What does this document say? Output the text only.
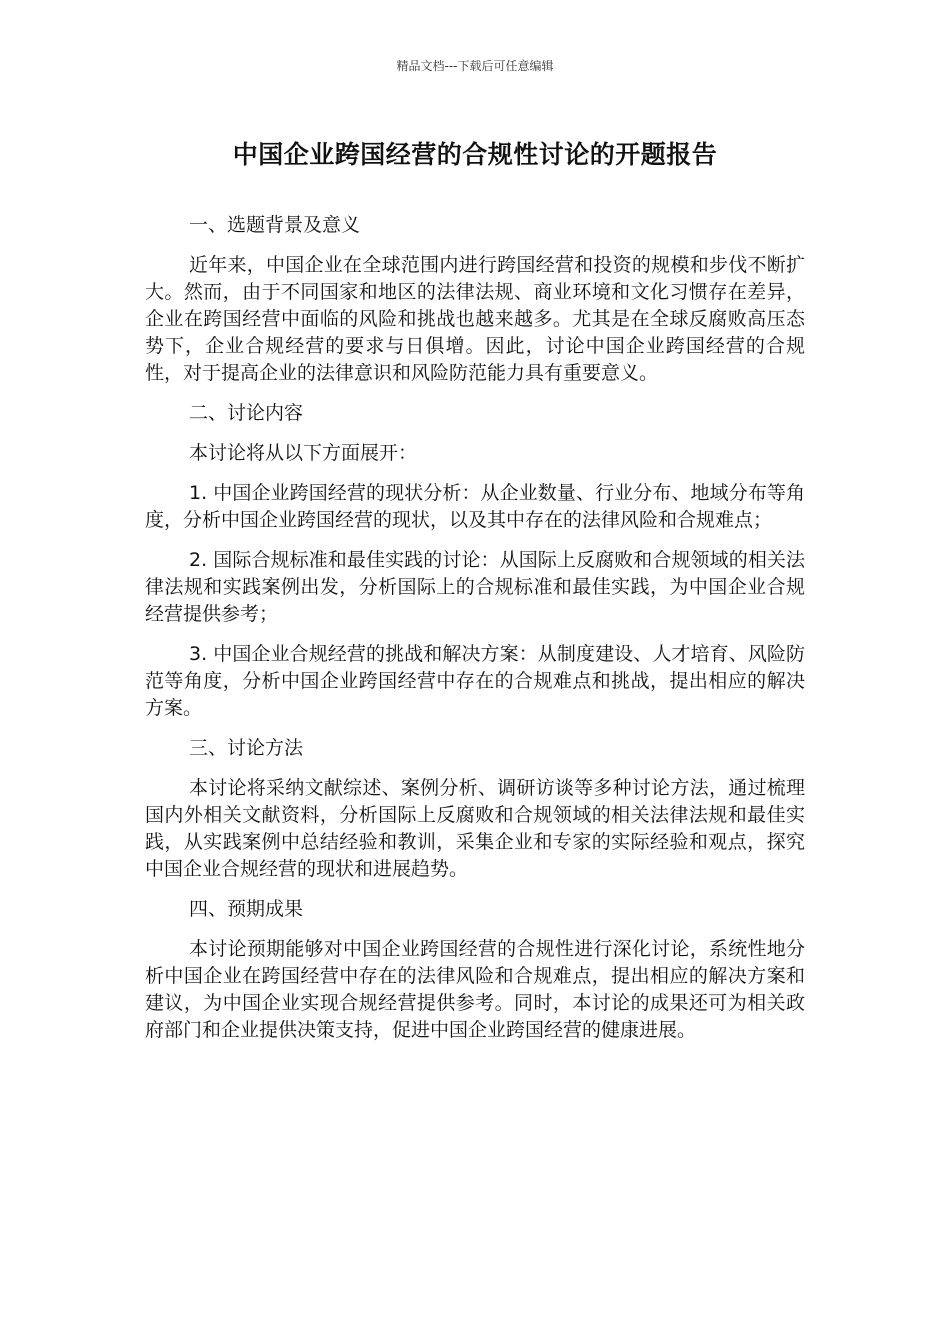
精品文档---下载后可任意编辑
中国企业跨国经营的合规性讨论的开题报告

一、选题背景及意义

近年来，中国企业在全球范围内进行跨国经营和投资的规模和步伐不断扩大。然而，由于不同国家和地区的法律法规、商业环境和文化习惯存在差异，企业在跨国经营中面临的风险和挑战也越来越多。尤其是在全球反腐败高压态势下，企业合规经营的要求与日俱增。因此，讨论中国企业跨国经营的合规性，对于提高企业的法律意识和风险防范能力具有重要意义。

二、讨论内容

本讨论将从以下方面展开：

1. 中国企业跨国经营的现状分析：从企业数量、行业分布、地域分布等角度，分析中国企业跨国经营的现状，以及其中存在的法律风险和合规难点；

2. 国际合规标准和最佳实践的讨论：从国际上反腐败和合规领域的相关法律法规和实践案例出发，分析国际上的合规标准和最佳实践，为中国企业合规经营提供参考；

3. 中国企业合规经营的挑战和解决方案：从制度建设、人才培育、风险防范等角度，分析中国企业跨国经营中存在的合规难点和挑战，提出相应的解决方案。

三、讨论方法

本讨论将采纳文献综述、案例分析、调研访谈等多种讨论方法，通过梳理国内外相关文献资料，分析国际上反腐败和合规领域的相关法律法规和最佳实践，从实践案例中总结经验和教训，采集企业和专家的实际经验和观点，探究中国企业合规经营的现状和进展趋势。

四、预期成果

本讨论预期能够对中国企业跨国经营的合规性进行深化讨论，系统性地分析中国企业在跨国经营中存在的法律风险和合规难点，提出相应的解决方案和建议，为中国企业实现合规经营提供参考。同时，本讨论的成果还可为相关政府部门和企业提供决策支持，促进中国企业跨国经营的健康进展。
